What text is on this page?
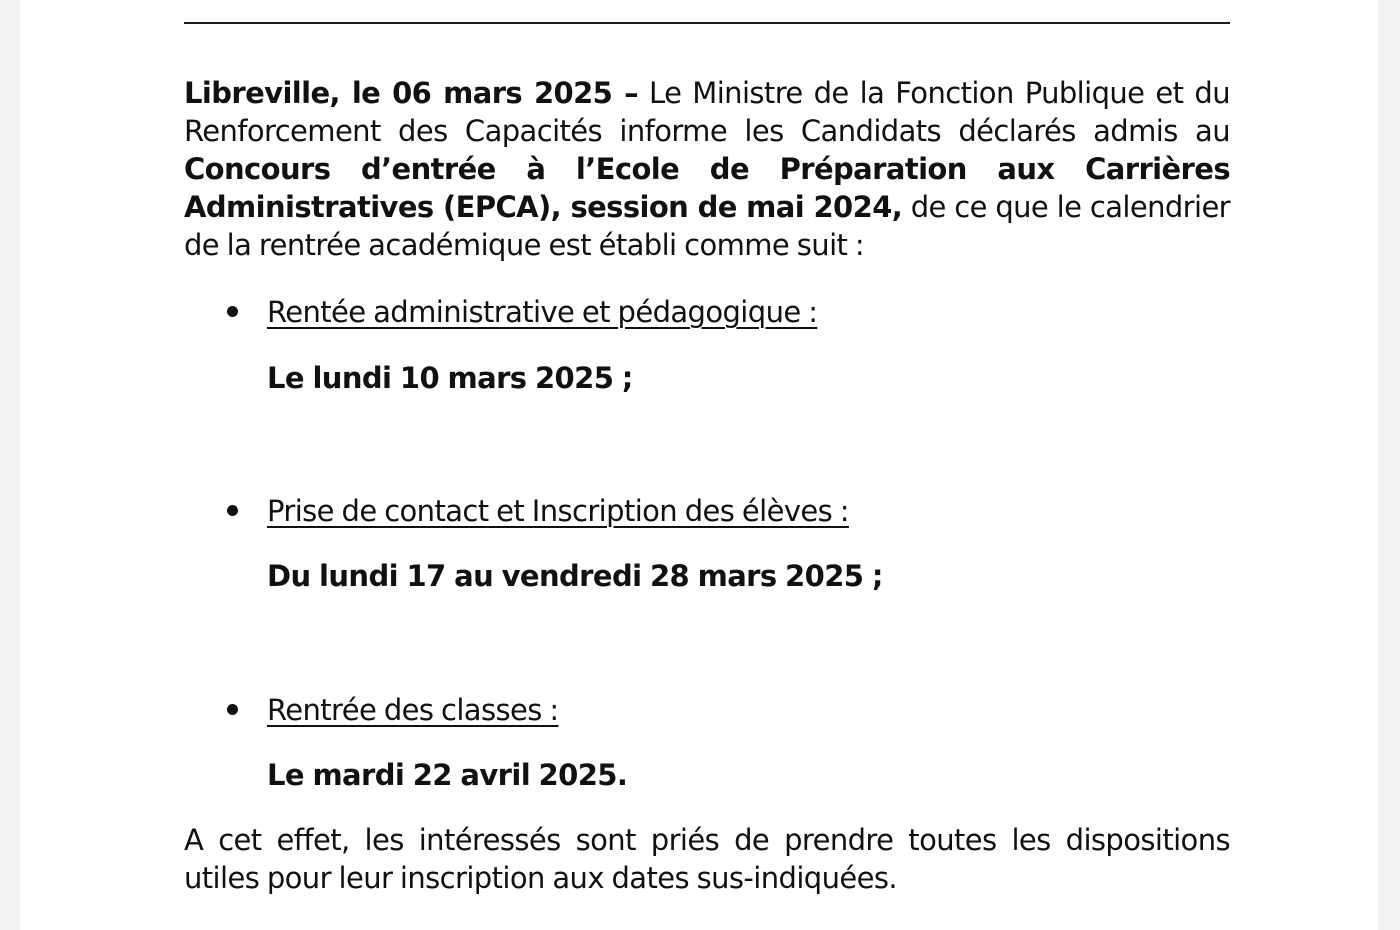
Libreville, le 06 mars 2025 – Le Ministre de la Fonction Publique et du Renforcement des Capacités informe les Candidats déclarés admis au Concours d’entrée à l’Ecole de Préparation aux Carrières Administratives (EPCA), session de mai 2024, de ce que le calendrier de la rentrée académique est établi comme suit :

Rentée administrative et pédagogique :
Le lundi 10 mars 2025 ;
Prise de contact et Inscription des élèves :
Du lundi 17 au vendredi 28 mars 2025 ;
Rentrée des classes :
Le mardi 22 avril 2025.

A cet effet, les intéressés sont priés de prendre toutes les dispositions utiles pour leur inscription aux dates sus-indiquées.
